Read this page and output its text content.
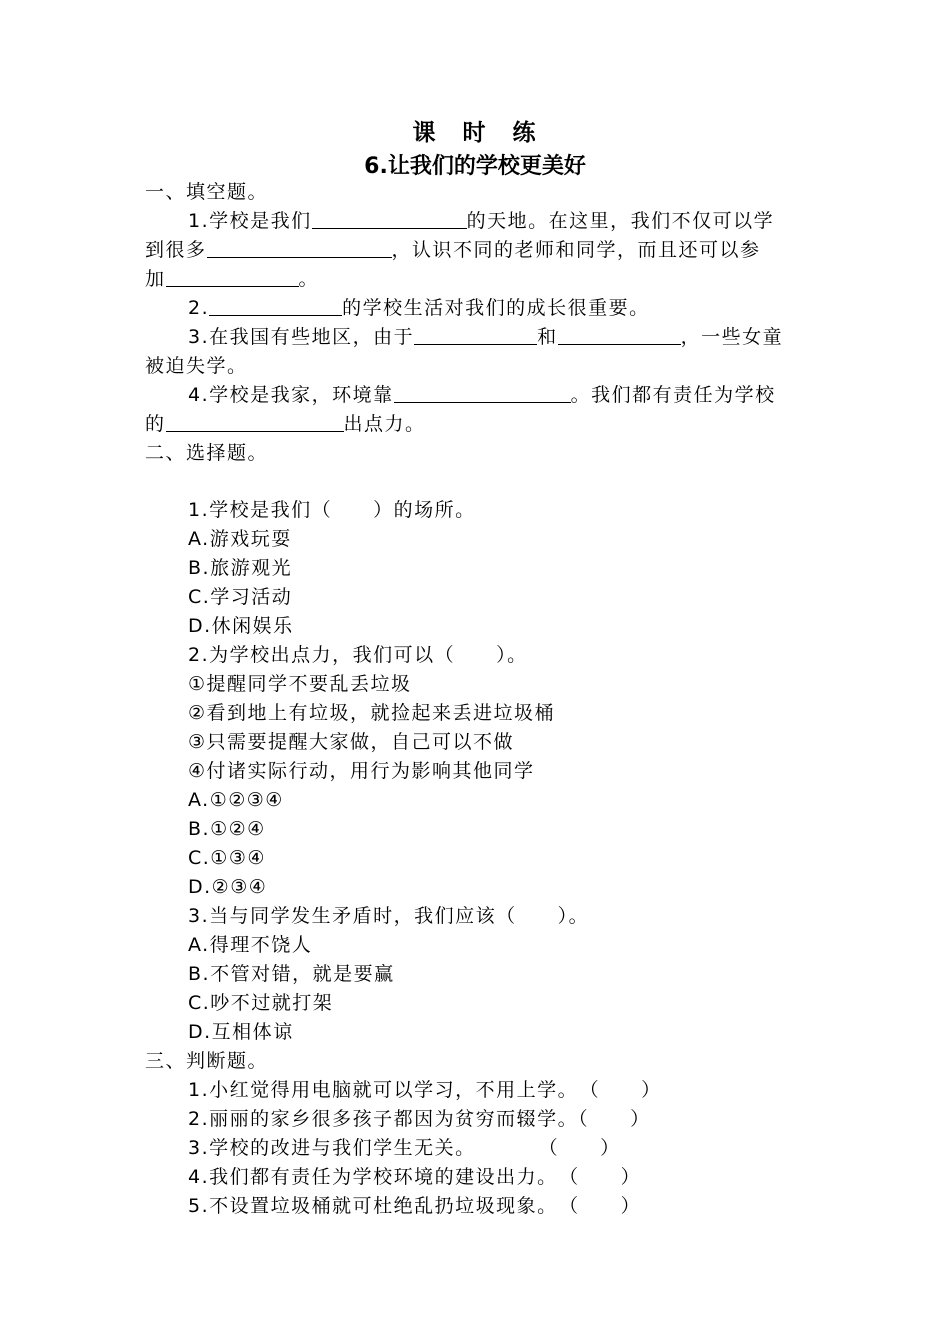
课　时　练
6.让我们的学校更美好
一、填空题。
1.学校是我们	的天地。在这里，我们不仅可以学
到很多	，认识不同的老师和同学，而且还可以参
加	。
2.	的学校生活对我们的成长很重要。
3.在我国有些地区，由于	和	，一些女童
被迫失学。
4.学校是我家，环境靠	。我们都有责任为学校
的	出点力。
二、选择题。
1.学校是我们（　　）的场所。
A.游戏玩耍
B.旅游观光
C.学习活动
D.休闲娱乐
2.为学校出点力，我们可以（　　）。
①提醒同学不要乱丢垃圾
②看到地上有垃圾，就捡起来丢进垃圾桶
③只需要提醒大家做，自己可以不做
④付诸实际行动，用行为影响其他同学
A.①②③④
B.①②④
C.①③④
D.②③④
3.当与同学发生矛盾时，我们应该（　　）。
A.得理不饶人
B.不管对错，就是要赢
C.吵不过就打架
D.互相体谅
三、判断题。
1.小红觉得用电脑就可以学习，不用上学。　（　　）
2.丽丽的家乡很多孩子都因为贫穷而辍学。（　　）
3.学校的改进与我们学生无关。　　　　（　　）
4.我们都有责任为学校环境的建设出力。　（　　）
5.不设置垃圾桶就可杜绝乱扔垃圾现象。　（　　）
